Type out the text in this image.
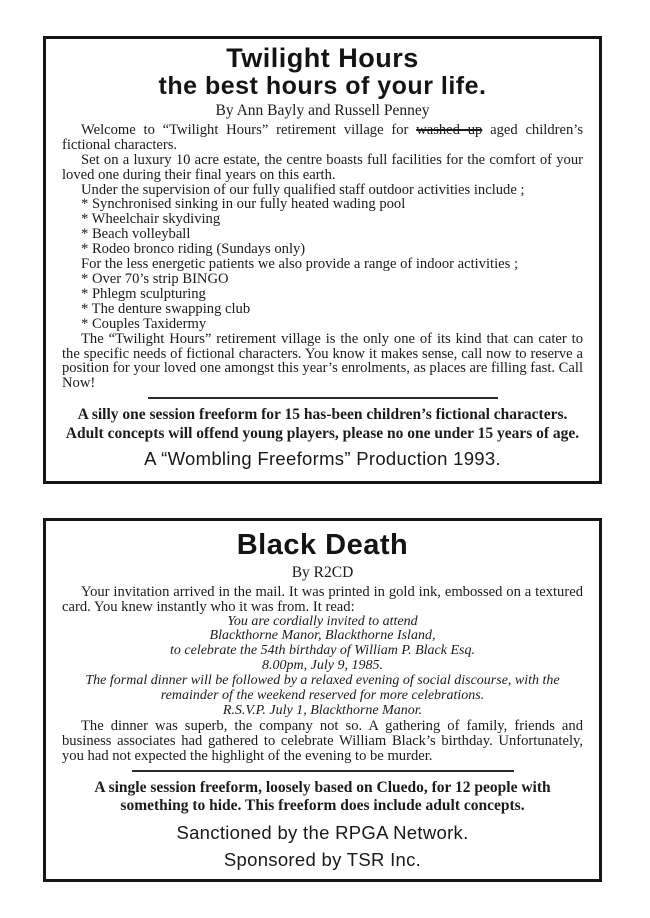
Twilight Hours
the best hours of your life.
By Ann Bayly and Russell Penney
Welcome to “Twilight Hours” retirement village for washed up aged children’s fictional characters.
Set on a luxury 10 acre estate, the centre boasts full facilities for the comfort of your loved one during their final years on this earth.
Under the supervision of our fully qualified staff outdoor activities include ;
* Synchronised sinking in our fully heated wading pool
* Wheelchair skydiving
* Beach volleyball
* Rodeo bronco riding (Sundays only)
For the less energetic patients we also provide a range of indoor activities ;
* Over 70’s strip BINGO
* Phlegm sculpturing
* The denture swapping club
* Couples Taxidermy
The “Twilight Hours” retirement village is the only one of its kind that can cater to the specific needs of fictional characters. You know it makes sense, call now to reserve a position for your loved one amongst this year’s enrolments, as places are filling fast. Call Now!
A silly one session freeform for 15 has-been children’s fictional characters.
Adult concepts will offend young players, please no one under 15 years of age.
A “Wombling Freeforms” Production 1993.
Black Death
By R2CD
Your invitation arrived in the mail. It was printed in gold ink, embossed on a textured card. You knew instantly who it was from. It read:
You are cordially invited to attend
Blackthorne Manor, Blackthorne Island,
to celebrate the 54th birthday of William P. Black Esq.
8.00pm, July 9, 1985.
The formal dinner will be followed by a relaxed evening of social discourse, with the
remainder of the weekend reserved for more celebrations.
R.S.V.P. July 1, Blackthorne Manor.
The dinner was superb, the company not so. A gathering of family, friends and business associates had gathered to celebrate William Black’s birthday. Unfortunately, you had not expected the highlight of the evening to be murder.
A single session freeform, loosely based on Cluedo, for 12 people with
something to hide. This freeform does include adult concepts.
Sanctioned by the RPGA Network.
Sponsored by TSR Inc.
